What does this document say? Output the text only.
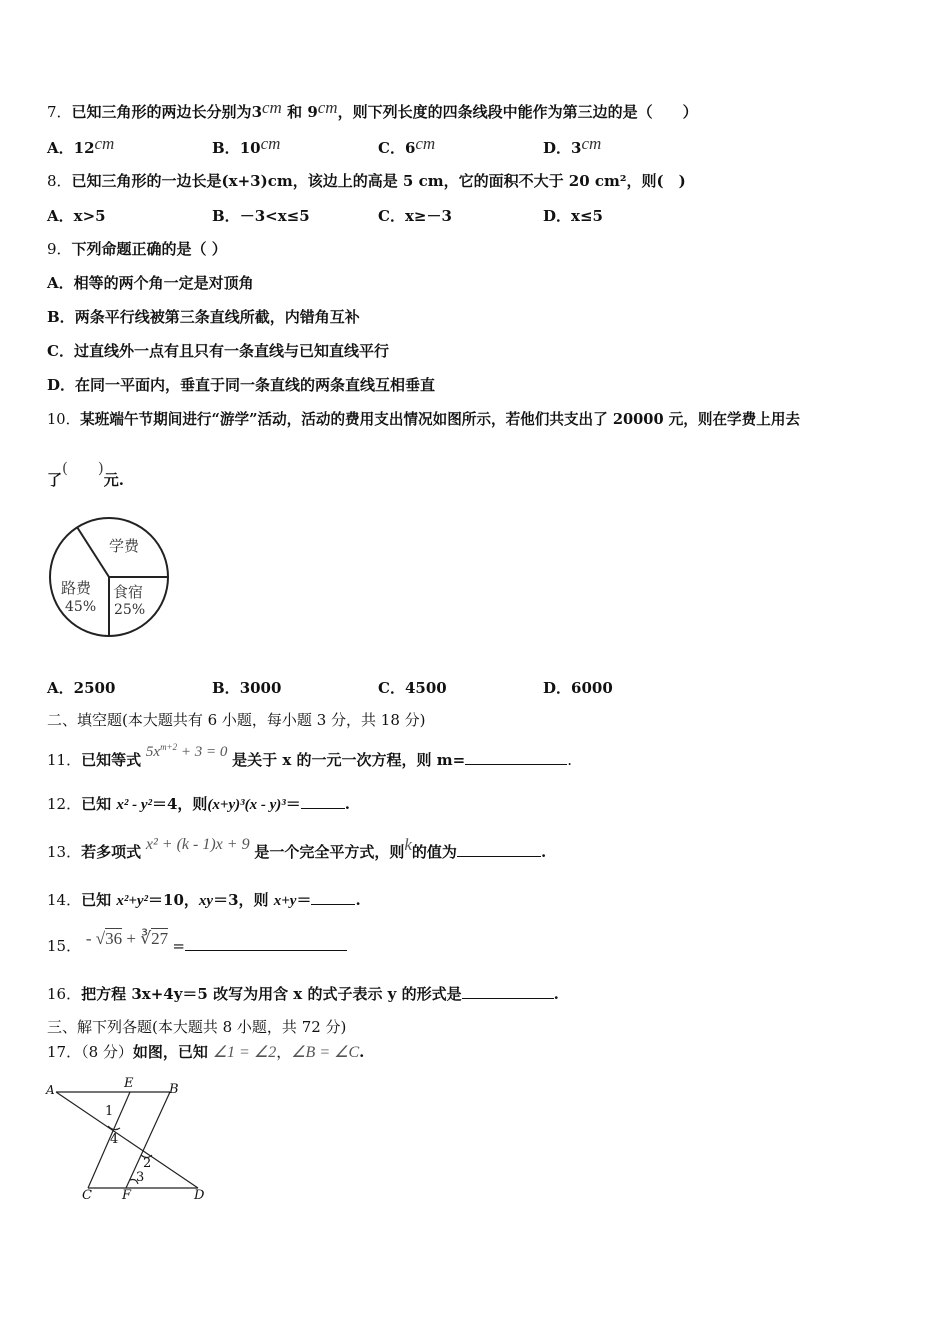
7．已知三角形的两边长分别为3cm 和 9cm，则下列长度的四条线段中能作为第三边的是（　　）
A．12cm	B．10cm	C．6cm	D．3cm
8．已知三角形的一边长是(x+3)cm，该边上的高是 5 cm，它的面积不大于 20 cm²，则(　)
A．x>5	B．－3<x≤5	C．x≥－3	D．x≤5
9．下列命题正确的是（ ）
A．相等的两个角一定是对顶角
B．两条平行线被第三条直线所截，内错角互补
C．过直线外一点有且只有一条直线与已知直线平行
D．在同一平面内，垂直于同一条直线的两条直线互相垂直
10．某班端午节期间进行“游学”活动，活动的费用支出情况如图所示，若他们共支出了 20000 元，则在学费上用去
了(　　)元.
学费
路费
45%
食宿
25%
A．2500	B．3000	C．4500	D．6000
二、填空题(本大题共有 6 小题，每小题 3 分，共 18 分)
11．已知等式 $5x^{m+2} + 3 = 0$ 是关于 x 的一元一次方程，则 m=	.
12．已知 x² - y²＝4，则(x+y)³(x - y)³＝	.
13．若多项式 x² + (k - 1)x + 9 是一个完全平方式，则k的值为	.
14．已知 x²+y²＝10，xy＝3，则 x+y＝	.
15． - √36 + ∛27 =
16．把方程 3x+4y＝5 改写为用含 x 的式子表示 y 的形式是	.
三、解下列各题(本大题共 8 小题，共 72 分)
17．（8 分）如图，已知 ∠1 = ∠2，∠B = ∠C.
A	E	B
1
4
2
3
C F	D
